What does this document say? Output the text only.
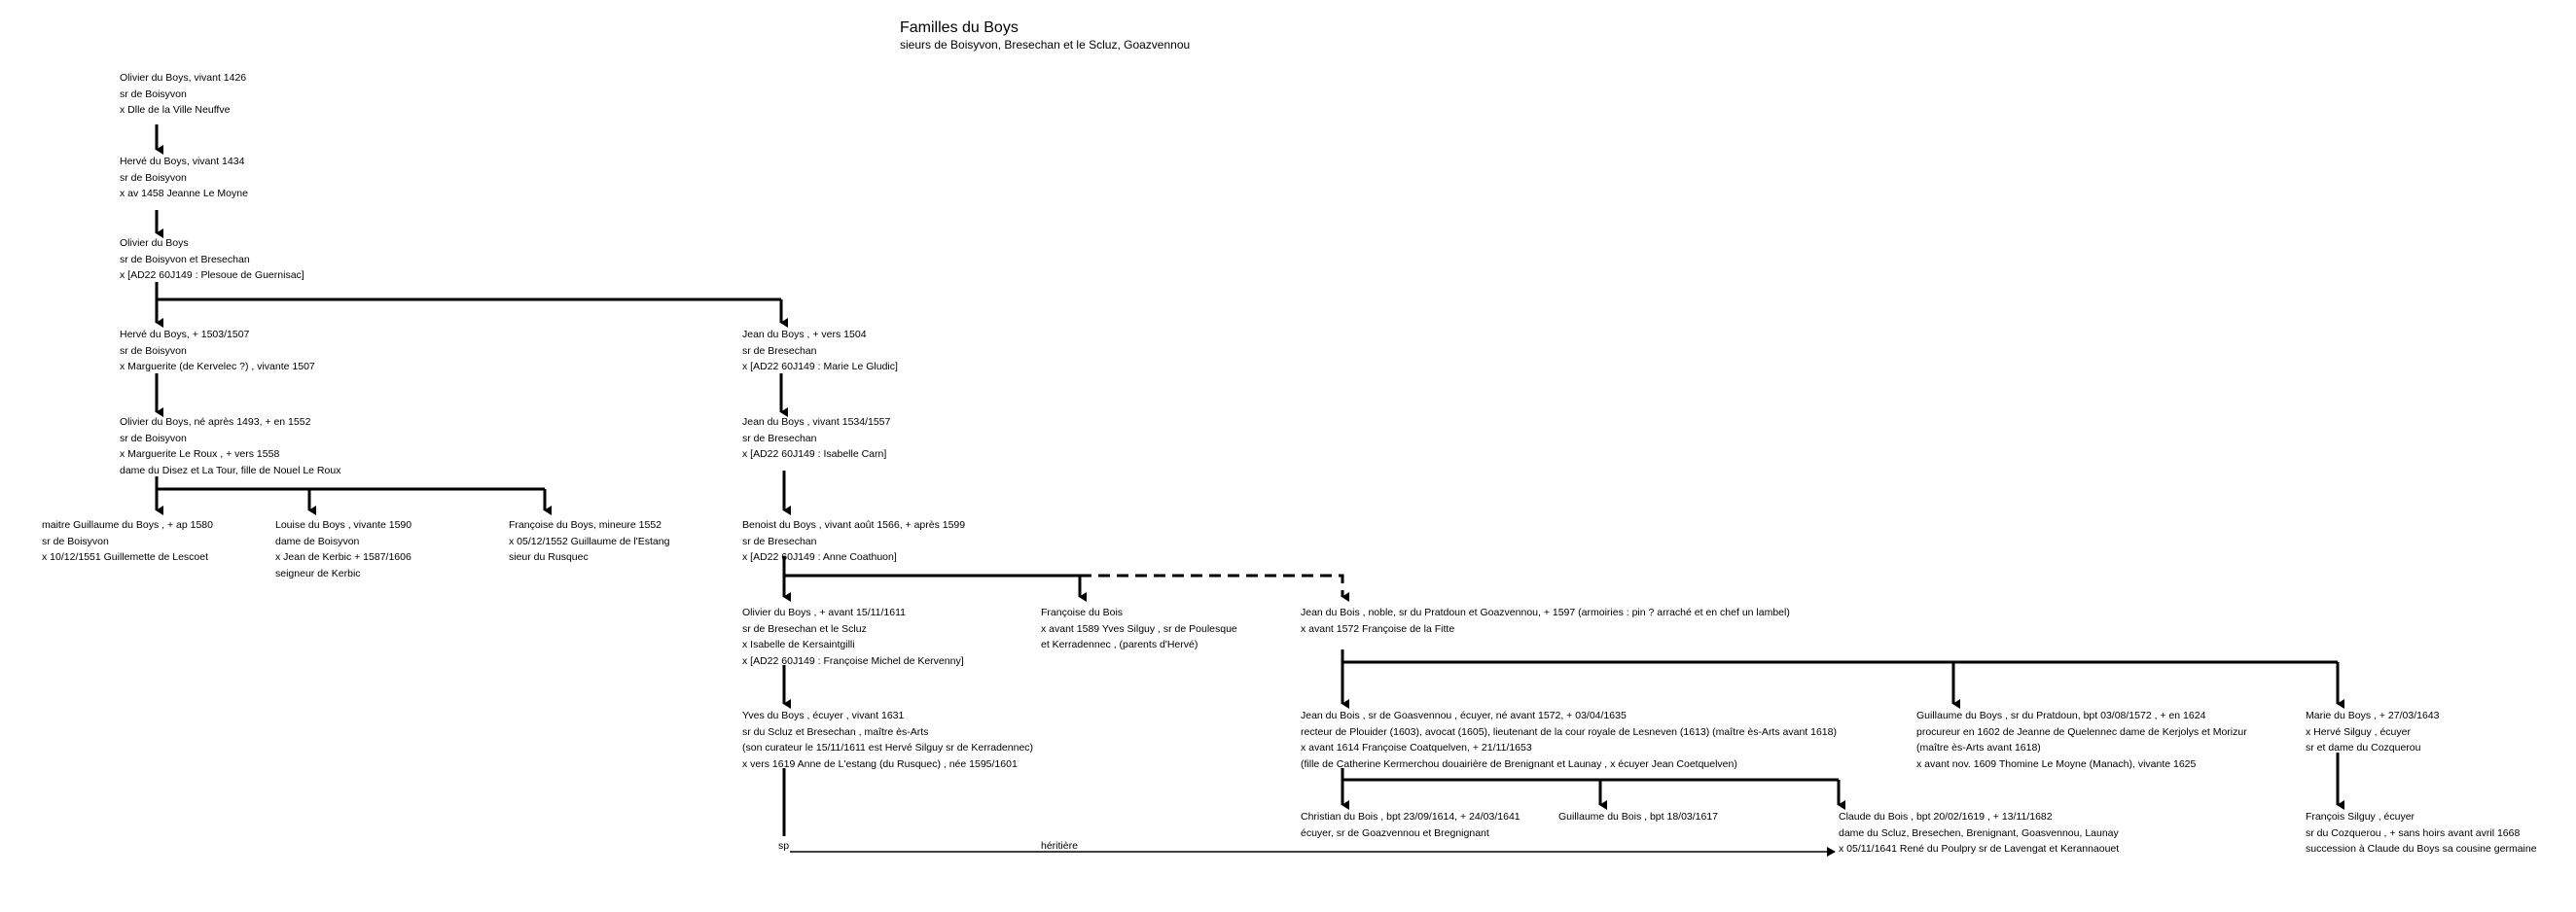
Familles du Boys
sieurs de Boisyvon, Bresechan et le Scluz, Goazvennou
Olivier du Boys, vivant 1426
sr de Boisyvon
x Dlle de la Ville Neuffve
Hervé du Boys, vivant 1434
sr de Boisyvon
x av 1458 Jeanne Le Moyne
Olivier du Boys
sr de Boisyvon et Bresechan
x [AD22 60J149 : Plesoue de Guernisac]
Hervé du Boys, + 1503/1507
sr de Boisyvon
x Marguerite (de Kervelec ?) , vivante 1507
Jean du Boys , + vers 1504
sr de Bresechan
x [AD22 60J149 : Marie Le Gludic]
Olivier du Boys, né après 1493, + en 1552
sr de Boisyvon
x Marguerite Le Roux , + vers 1558
dame du Disez et La Tour, fille de Nouel Le Roux
Jean du Boys , vivant 1534/1557
sr de Bresechan
x [AD22 60J149 : Isabelle Carn]
maitre Guillaume du Boys , + ap 1580
sr de Boisyvon
x 10/12/1551 Guillemette de Lescoet
Louise du Boys , vivante 1590
dame de Boisyvon
x Jean de Kerbic + 1587/1606
seigneur de Kerbic
Françoise du Boys, mineure 1552
x 05/12/1552 Guillaume de l'Estang
sieur du Rusquec
Benoist du Boys , vivant août 1566, + après 1599
sr de Bresechan
x [AD22 60J149 : Anne Coathuon]
Olivier du Boys , + avant 15/11/1611
sr de Bresechan et le Scluz
x Isabelle de Kersaintgilli
x [AD22 60J149 : Françoise Michel de Kervenny]
Françoise du Bois
x avant 1589 Yves Silguy , sr de Poulesque
et Kerradennec , (parents d'Hervé)
Jean du Bois , noble, sr du Pratdoun et Goazvennou, + 1597 (armoiries : pin ? arraché et en chef un lambel)
x avant 1572 Françoise de la Fitte
Yves du Boys , écuyer , vivant 1631
sr du Scluz et Bresechan , maître ès-Arts
(son curateur le 15/11/1611 est Hervé Silguy sr de Kerradennec)
x vers 1619 Anne de L'estang (du Rusquec) , née 1595/1601
Jean du Bois , sr de Goasvennou , écuyer, né avant 1572, + 03/04/1635
recteur de Plouider (1603), avocat (1605), lieutenant de la cour royale de Lesneven (1613) (maître ès-Arts avant 1618)
x avant 1614 Françoise Coatquelven, + 21/11/1653
(fille de Catherine Kermerchou douairière de Brenignant et Launay , x écuyer Jean Coetquelven)
Guillaume du Boys , sr du Pratdoun, bpt 03/08/1572 , + en 1624
procureur en 1602 de Jeanne de Quelennec dame de Kerjolys et Morizur
(maître ès-Arts avant 1618)
x avant nov. 1609 Thomine Le Moyne (Manach), vivante 1625
Marie du Boys , + 27/03/1643
x Hervé Silguy , écuyer
sr et dame du Cozquerou
Christian du Bois , bpt 23/09/1614, + 24/03/1641
écuyer, sr de Goazvennou et Bregnignant
Guillaume du Bois , bpt 18/03/1617	Claude du Bois , bpt 20/02/1619 , + 13/11/1682
dame du Scluz, Bresechen, Brenignant, Goasvennou, Launay
x 05/11/1641 René du Poulpry sr de Lavengat et Kerannaouet
François Silguy , écuyer
sr du Cozquerou , + sans hoirs avant avril 1668
succession à Claude du Boys sa cousine germaine
sp	héritière
